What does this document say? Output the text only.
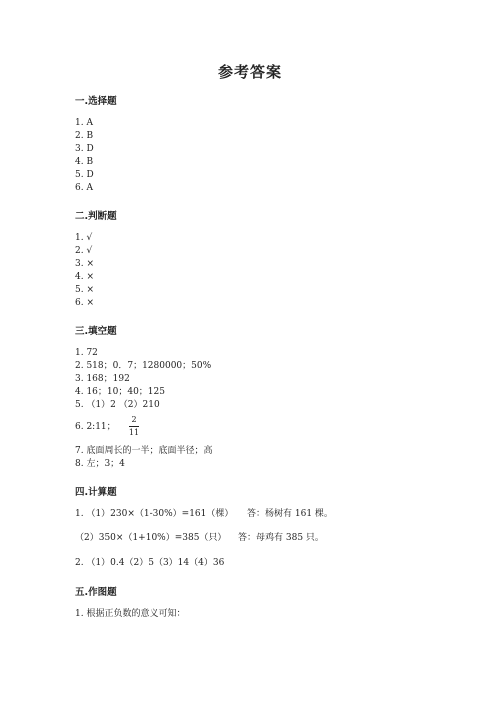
参考答案
一.选择题
1. A
2. B
3. D
4. B
5. D
6. A
二.判断题
1. √
2. √
3. ×
4. ×
5. ×
6. ×
三.填空题
1. 72
2. 518；0．7；1280000；50%
3. 168；192
4. 16；10；40；125
5. （1）2 （2）210
6. 2:11；
2
11
7. 底面周长的一半；底面半径；高
8. 左；3；4
四.计算题
1. （1）230×（1-30%）=161（棵） 答：杨树有 161 棵。
（2）350×（1+10%）=385（只） 答：母鸡有 385 只。
2. （1）0.4（2）5（3）14（4）36
五.作图题
1. 根据正负数的意义可知：
